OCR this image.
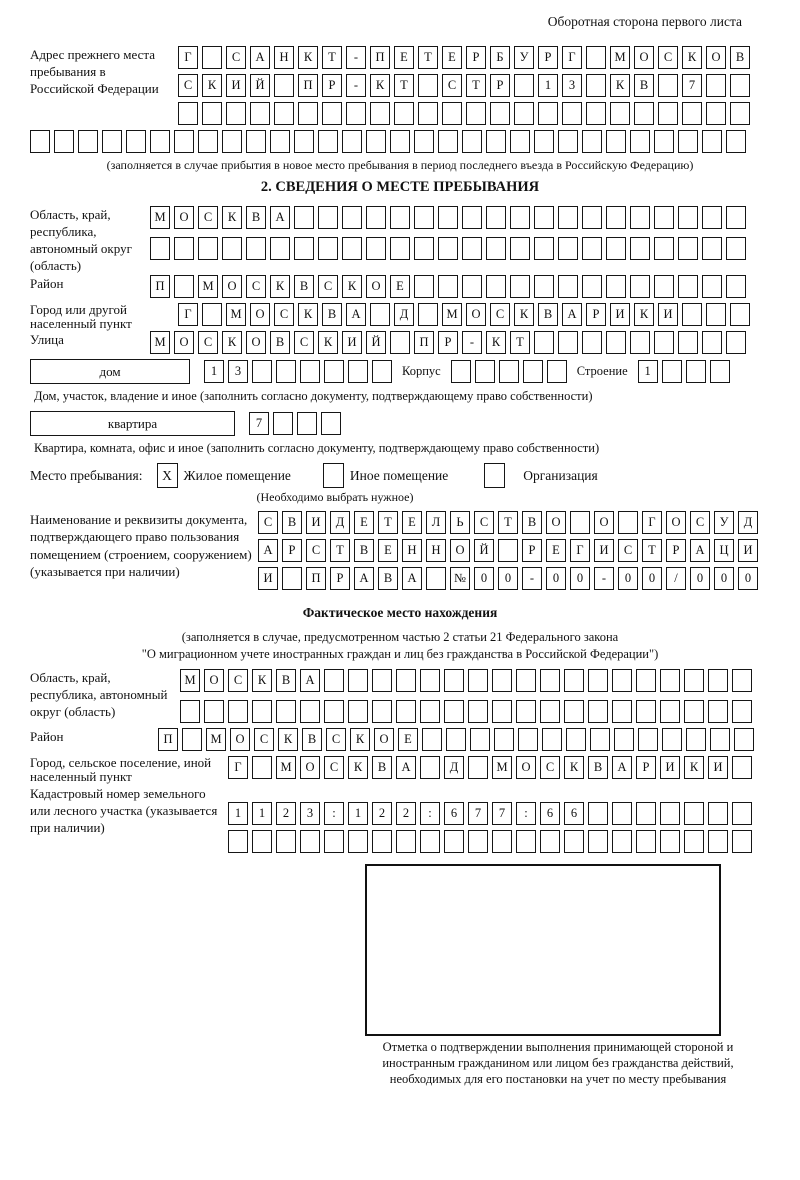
Оборотная сторона первого листа
Адрес прежнего места пребывания в Российской Федерации
Г	С	А	Н	К	Т	-	П	Е	Т	Е	Р	Б	У	Р	Г	М	О	С	К	О	В
С	К	И	Й	П	Р	-	К	Т	С	Т	Р	1	3	К	В	7
(заполняется в случае прибытия в новое место пребывания в период последнего въезда в Российскую Федерацию)
2. СВЕДЕНИЯ О МЕСТЕ ПРЕБЫВАНИЯ
Область, край, республика, автономный округ (область)
М	О	С	К	В	А
Район	П	М	О	С	К	В	С	К	О	Е
Город или другой населенный пункт
Г	М	О	С	К	В	А	Д	М	О	С	К	В	А	Р	И	К	И
Улица	М	О	С	К	О	В	С	К	И	Й	П	Р	-	К	Т
дом	1	3	Корпус	Строение	1
Дом, участок, владение и иное (заполнить согласно документу, подтверждающему право собственности)
квартира	7
Квартира, комната, офис и иное (заполнить согласно документу, подтверждающему право собственности)
Место пребывания:	X Жилое помещение	Иное помещение	Организация
(Необходимо выбрать нужное)
Наименование и реквизиты документа, подтверждающего право пользования помещением (строением, сооружением) (указывается при наличии)
С	В	И	Д	Е	Т	Е	Л	Ь	С	Т	В	О	О	Г	О	С	У	Д
А	Р	С	Т	В	Е	Н	Н	О	Й	Р	Е	Г	И	С	Т	Р	А	Ц	И
И	П	Р	А	В	А	№	0	0	-	0	0	-	0	0	/	0	0	0
Фактическое место нахождения
(заполняется в случае, предусмотренном частью 2 статьи 21 Федерального закона
"О миграционном учете иностранных граждан и лиц без гражданства в Российской Федерации")
Область, край, республика, автономный округ (область)
М	О	С	К	В	А
Район	П	М	О	С	К	В	С	К	О	Е
Город, сельское поселение, иной населенный пункт
Г	М	О	С	К	В	А	Д	М	О	С	К	В	А	Р	И	К	И
Кадастровый номер земельного или лесного участка (указывается при наличии)
1	1	2	3	:	1	2	2	:	6	7	7	:	6	6
Отметка о подтверждении выполнения принимающей стороной и иностранным гражданином или лицом без гражданства действий, необходимых для его постановки на учет по месту пребывания
